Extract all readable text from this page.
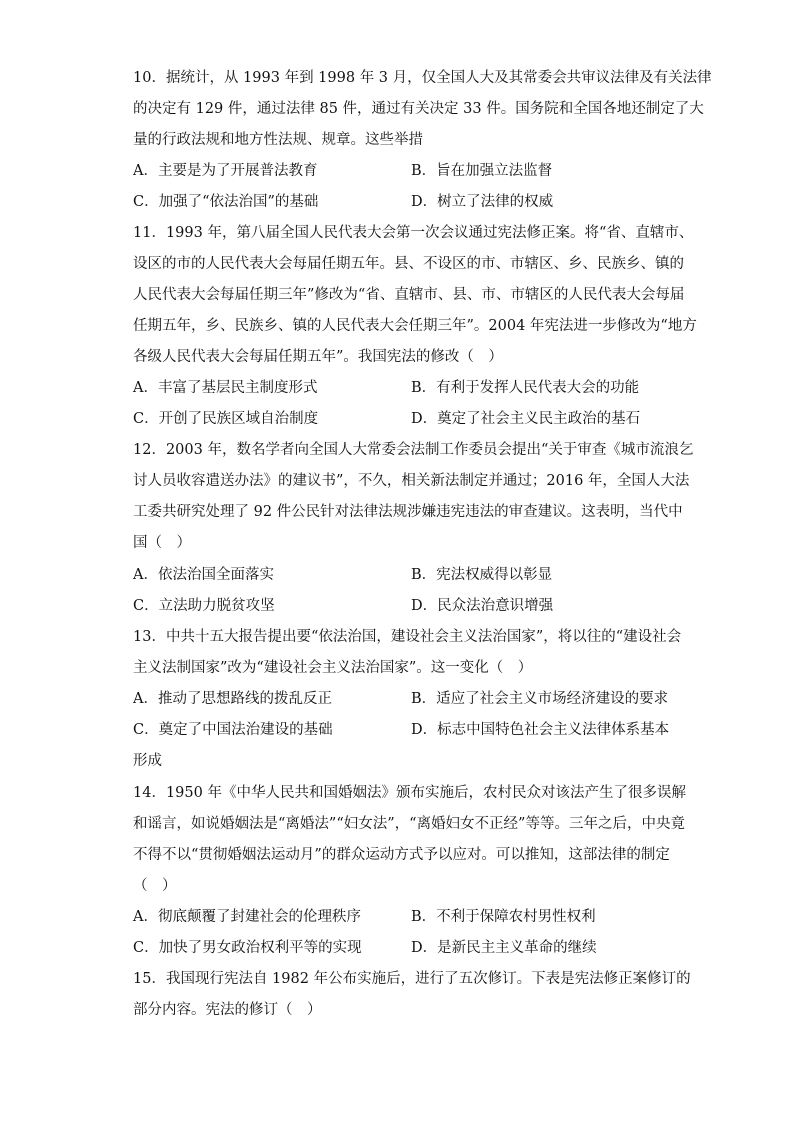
10．据统计，从 1993 年到 1998 年 3 月，仅全国人大及其常委会共审议法律及有关法律
的决定有 129 件，通过法律 85 件，通过有关决定 33 件。国务院和全国各地还制定了大
量的行政法规和地方性法规、规章。这些举措
A．主要是为了开展普法教育	B．旨在加强立法监督
C．加强了“依法治国”的基础	D．树立了法律的权威
11．1993 年，第八届全国人民代表大会第一次会议通过宪法修正案。将“省、直辖市、
设区的市的人民代表大会每届任期五年。县、不设区的市、市辖区、乡、民族乡、镇的
人民代表大会每届任期三年”修改为“省、直辖市、县、市、市辖区的人民代表大会每届
任期五年，乡、民族乡、镇的人民代表大会任期三年”。2004 年宪法进一步修改为“地方
各级人民代表大会每届任期五年”。我国宪法的修改（　）
A．丰富了基层民主制度形式	B．有利于发挥人民代表大会的功能
C．开创了民族区域自治制度	D．奠定了社会主义民主政治的基石
12．2003 年，数名学者向全国人大常委会法制工作委员会提出“关于审查《城市流浪乞
讨人员收容遣送办法》的建议书”，不久，相关新法制定并通过；2016 年，全国人大法
工委共研究处理了 92 件公民针对法律法规涉嫌违宪违法的审查建议。这表明，当代中
国（　）
A．依法治国全面落实	B．宪法权威得以彰显
C．立法助力脱贫攻坚	D．民众法治意识增强
13．中共十五大报告提出要“依法治国，建设社会主义法治国家”，将以往的“建设社会
主义法制国家”改为“建设社会主义法治国家”。这一变化（　）
A．推动了思想路线的拨乱反正	B．适应了社会主义市场经济建设的要求
C．奠定了中国法治建设的基础	D．标志中国特色社会主义法律体系基本
形成
14．1950 年《中华人民共和国婚姻法》颁布实施后，农村民众对该法产生了很多误解
和谣言，如说婚姻法是“离婚法”“妇女法”，“离婚妇女不正经”等等。三年之后，中央竟
不得不以“贯彻婚姻法运动月”的群众运动方式予以应对。可以推知，这部法律的制定
（　）
A．彻底颠覆了封建社会的伦理秩序	B．不利于保障农村男性权利
C．加快了男女政治权利平等的实现	D．是新民主主义革命的继续
15．我国现行宪法自 1982 年公布实施后，进行了五次修订。下表是宪法修正案修订的
部分内容。宪法的修订（　）
